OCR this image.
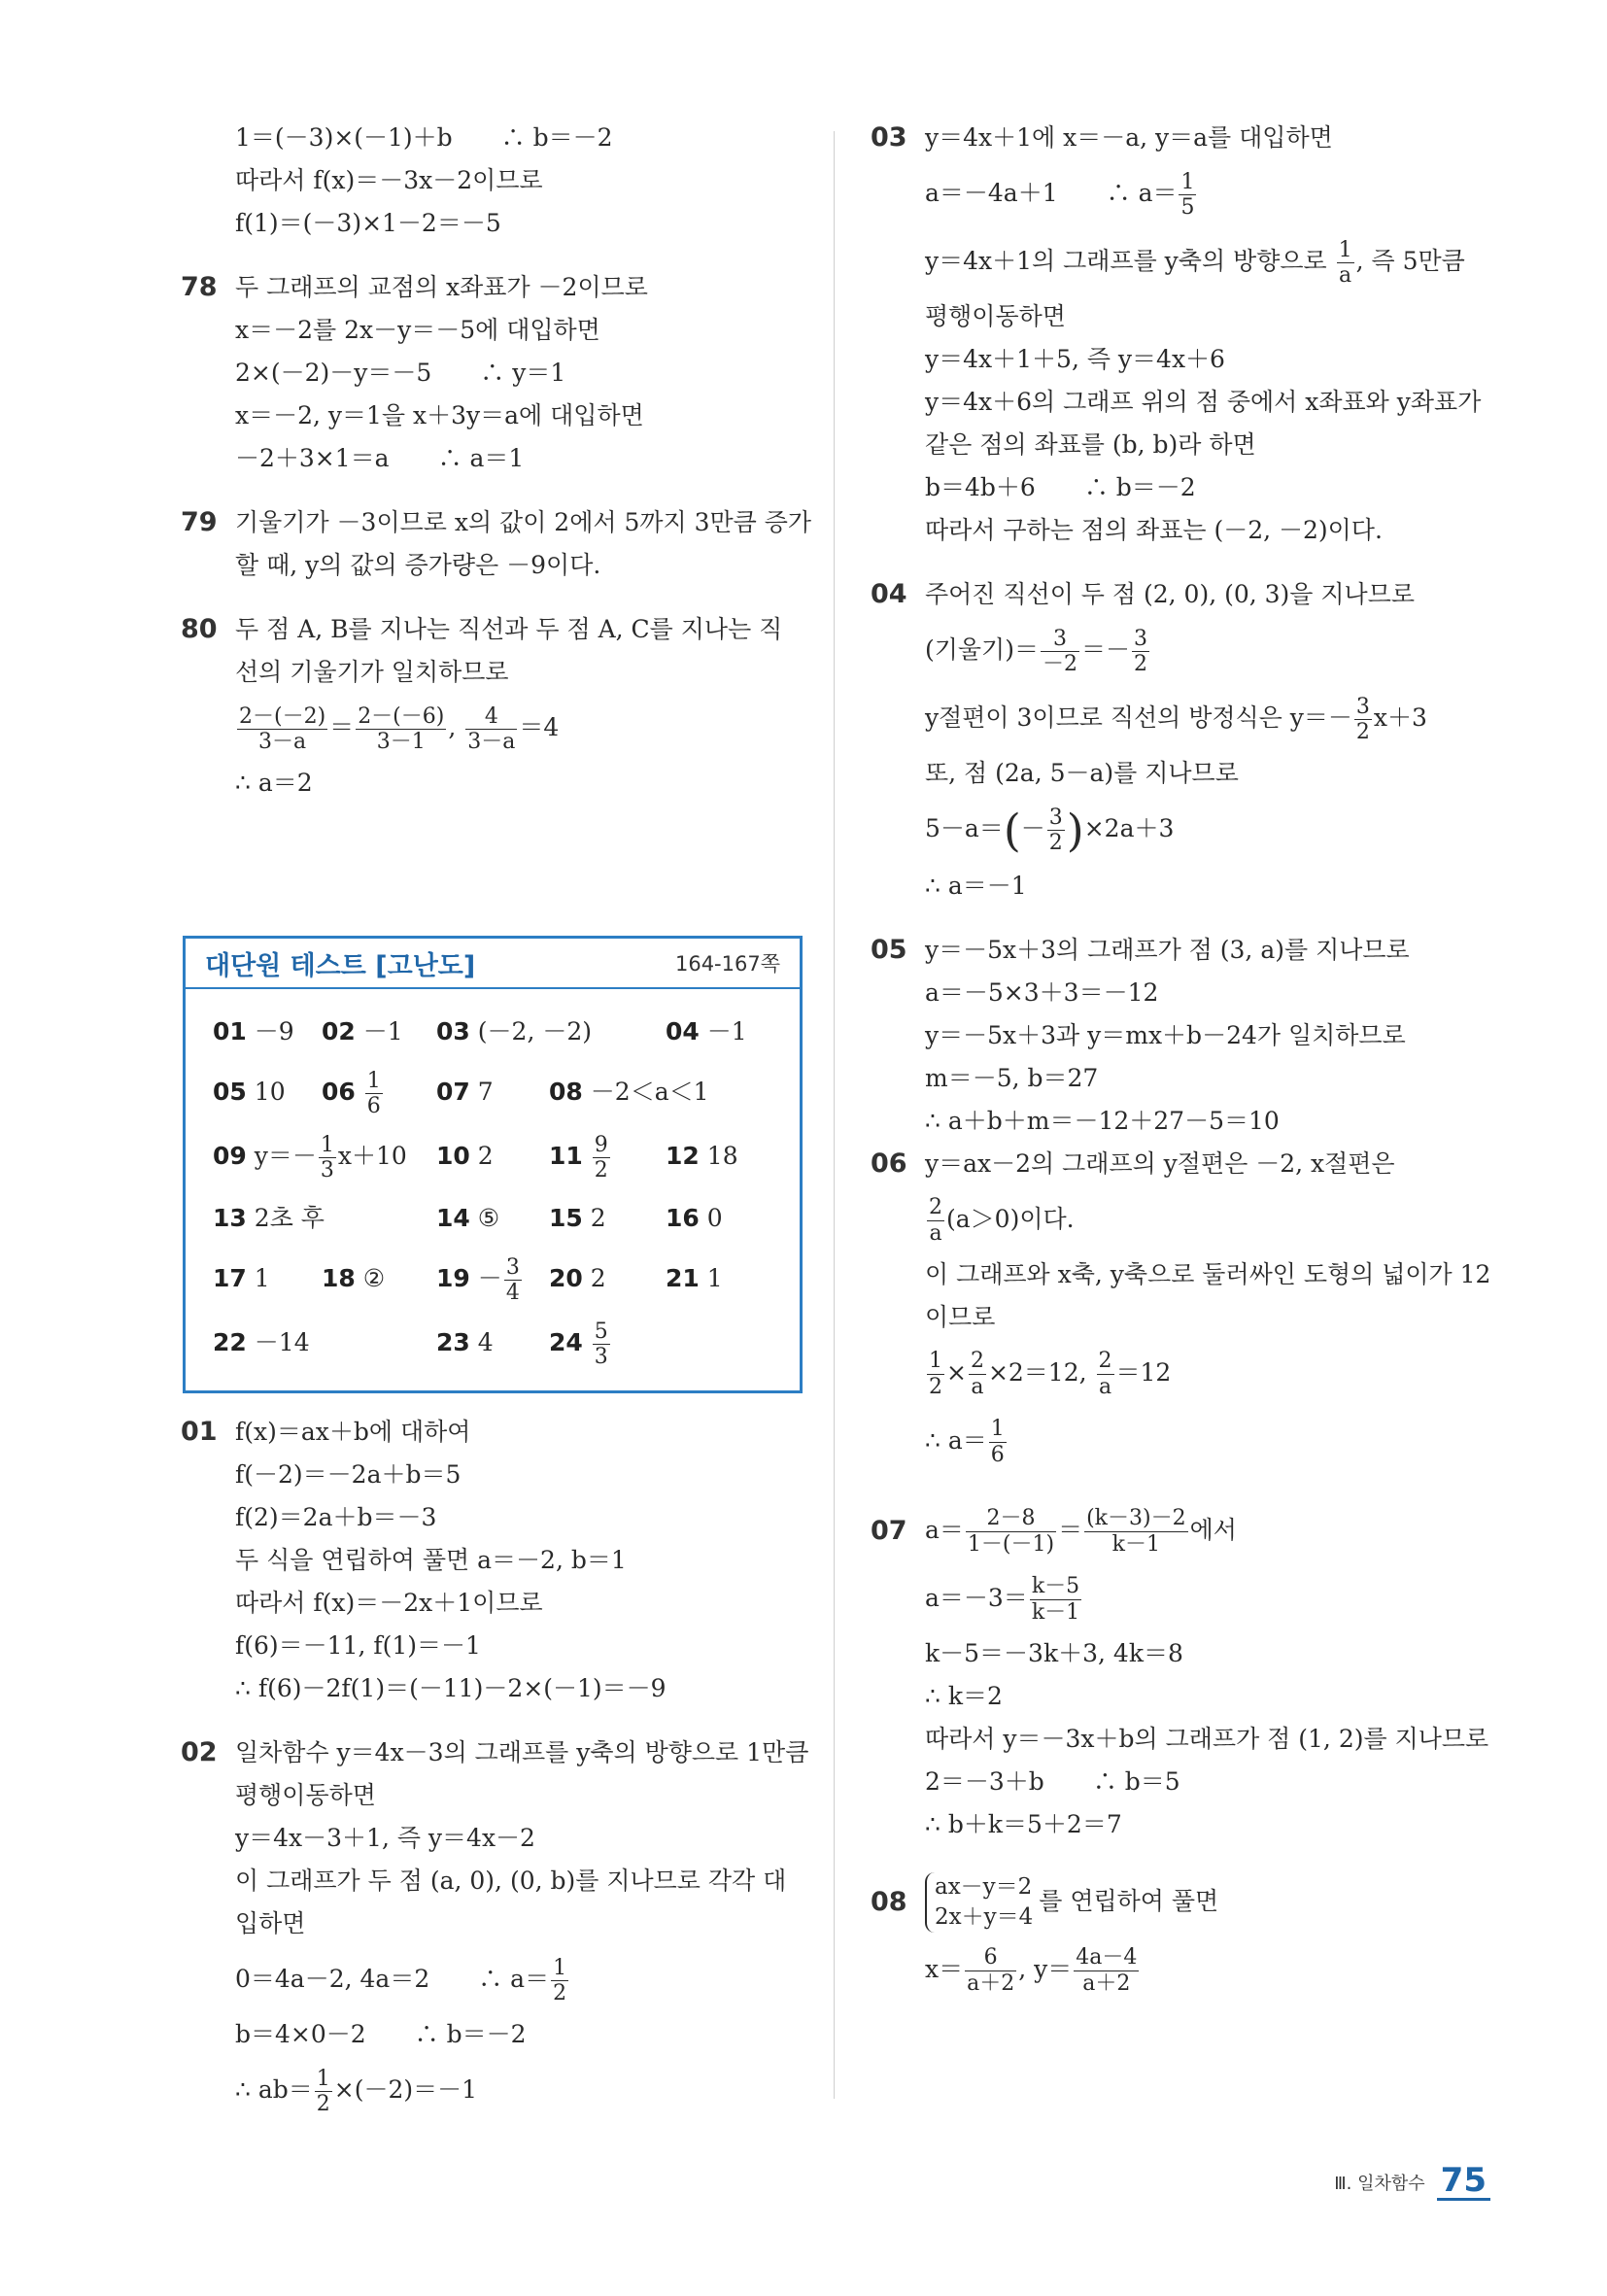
1＝(－3)×(－1)＋b　　∴ b＝－2
따라서 f(x)＝－3x－2이므로
f(1)＝(－3)×1－2＝－5
78 두 그래프의 교점의 x좌표가 －2이므로
x＝－2를 2x－y＝－5에 대입하면
2×(－2)－y＝－5　　∴ y＝1
x＝－2, y＝1을 x＋3y＝a에 대입하면
－2＋3×1＝a　　∴ a＝1
79 기울기가 －3이므로 x의 값이 2에서 5까지 3만큼 증가
할 때, y의 값의 증가량은 －9이다.
80 두 점 A, B를 지나는 직선과 두 점 A, C를 지나는 직
선의 기울기가 일치하므로
$\frac{2-(-2)}{3-a} = \frac{2-(-6)}{3-1}$ , $\frac{4}{3-a} =4$
∴ a＝2
대단원 테스트 [고난도]	164-167쪽
01 －9 02 －1 03 (－2, －2)	04 －1
05 10 $06 \frac{1}{6} 07$ 7 08 －2＜a＜1
09 $y=- \frac{1}{3} x+10$ 10 2 $11 \frac{9}{2} 12$ 18
13 2초 후	14 ⑤ 15 2 16 0
17 1 18 ② $19 - \frac{3}{4} 20$ 2 21 1
22 －14	23 4 $24 \frac{5}{3}$
01 f(x)＝ax＋b에 대하여
f(－2)＝－2a＋b＝5
f(2)＝2a＋b＝－3
두 식을 연립하여 풀면 a＝－2, b＝1
따라서 f(x)＝－2x＋1이므로
f(6)＝－11, f(1)＝－1
∴ f(6)－2f(1)＝(－11)－2×(－1)＝－9
02 일차함수 y＝4x－3의 그래프를 y축의 방향으로 1만큼
평행이동하면
y＝4x－3＋1, 즉 y＝4x－2
이 그래프가 두 점 (a, 0), (0, b)를 지나므로 각각 대
입하면
0＝4a－2, 4a＝2　　∴ $a= \frac{1}{2}$
b＝4×0－2　　∴ b＝－2
∴ $ab= \frac{1}{2} \times(-2)=-1$
03 y＝4x＋1에 x＝－a, y＝a를 대입하면
a＝－4a＋1　　∴ $a= \frac{1}{5}$
y＝4x＋1의 그래프를 y축의 방향으로 $\frac{1}{a}$ , 즉 5만큼
평행이동하면
y＝4x＋1＋5, 즉 y＝4x＋6
y＝4x＋6의 그래프 위의 점 중에서 x좌표와 y좌표가
같은 점의 좌표를 (b, b)라 하면
b＝4b＋6　　∴ b＝－2
따라서 구하는 점의 좌표는 (－2, －2)이다.
04 주어진 직선이 두 점 (2, 0), (0, 3)을 지나므로
(기울기)＝ $\frac{3}{-2} =- \frac{3}{2}$
y절편이 3이므로 직선의 방정식은 $y=- \frac{3}{2} x+3$
또, 점 (2a, 5－a)를 지나므로
$5-a=(- \frac{3}{2} )\times 2a+3$
∴ a＝－1
05 y＝－5x＋3의 그래프가 점 (3, a)를 지나므로
a＝－5×3＋3＝－12
y＝－5x＋3과 y＝mx＋b－24가 일치하므로
m＝－5, b＝27
∴ a＋b＋m＝－12＋27－5＝10
06 y＝ax－2의 그래프의 y절편은 －2, x절편은
$\frac{2}{a} (a>0)$이다.
이 그래프와 x축, y축으로 둘러싸인 도형의 넓이가 12
이므로
$\frac{1}{2} \times \frac{2}{a} \times 2=12$, $\frac{2}{a} =12$
∴ $a= \frac{1}{6}$
07 $a= \frac{2-8}{1-(-1)} = \frac{(k-3)-2}{k-1}$ 에서
$a=-3= \frac{k-5}{k-1}$
k－5＝－3k＋3, 4k＝8
∴ k＝2
따라서 y＝－3x＋b의 그래프가 점 (1, 2)를 지나므로
2＝－3＋b　　∴ b＝5
∴ b＋k＝5＋2＝7
08 ax－y＝2
2x＋y＝4
를 연립하여 풀면
$x= \frac{6}{a+2}$ , $y= \frac{4a-4}{a+2}$
Ⅲ. 일차함수 75
